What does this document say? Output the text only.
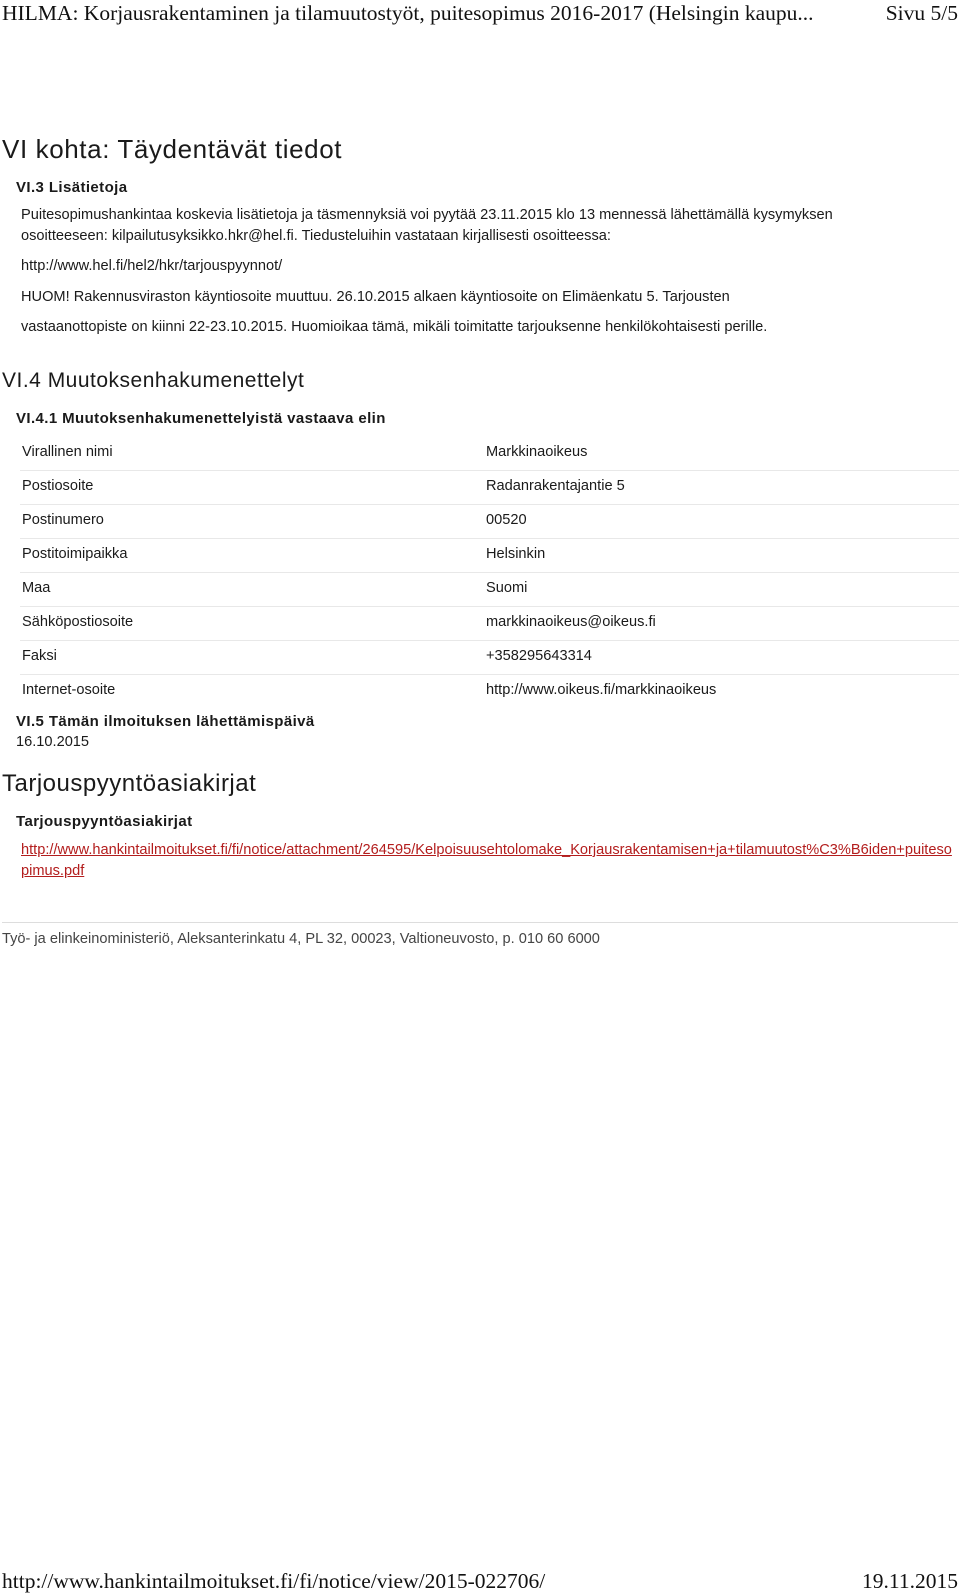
HILMA: Korjausrakentaminen ja tilamuutostyöt, puitesopimus 2016-2017 (Helsingin kaupu...	Sivu 5/5
VI kohta: Täydentävät tiedot
VI.3 Lisätietoja
Puitesopimushankintaa koskevia lisätietoja ja täsmennyksiä voi pyytää 23.11.2015 klo 13 mennessä lähettämällä kysymyksen
osoitteeseen: kilpailutusyksikko.hkr@hel.fi. Tiedusteluihin vastataan kirjallisesti osoitteessa:
http://www.hel.fi/hel2/hkr/tarjouspyynnot/
HUOM! Rakennusviraston käyntiosoite muuttuu. 26.10.2015 alkaen käyntiosoite on Elimäenkatu 5. Tarjousten
vastaanottopiste on kiinni 22-23.10.2015. Huomioikaa tämä, mikäli toimitatte tarjouksenne henkilökohtaisesti perille.
VI.4 Muutoksenhakumenettelyt
VI.4.1 Muutoksenhakumenettelyistä vastaava elin
Virallinen nimi	Markkinaoikeus
Postiosoite	Radanrakentajantie 5
Postinumero	00520
Postitoimipaikka	Helsinkin
Maa	Suomi
Sähköpostiosoite	markkinaoikeus@oikeus.fi
Faksi	+358295643314
Internet-osoite	http://www.oikeus.fi/markkinaoikeus
VI.5 Tämän ilmoituksen lähettämispäivä
16.10.2015
Tarjouspyyntöasiakirjat
Tarjouspyyntöasiakirjat
http://www.hankintailmoitukset.fi/fi/notice/attachment/264595/Kelpoisuusehtolomake_Korjausrakentamisen+ja+tilamuutost%C3%B6iden+puitesopimus.pdf
Työ- ja elinkeinoministeriö, Aleksanterinkatu 4, PL 32, 00023, Valtioneuvosto, p. 010 60 6000
http://www.hankintailmoitukset.fi/fi/notice/view/2015-022706/	19.11.2015
